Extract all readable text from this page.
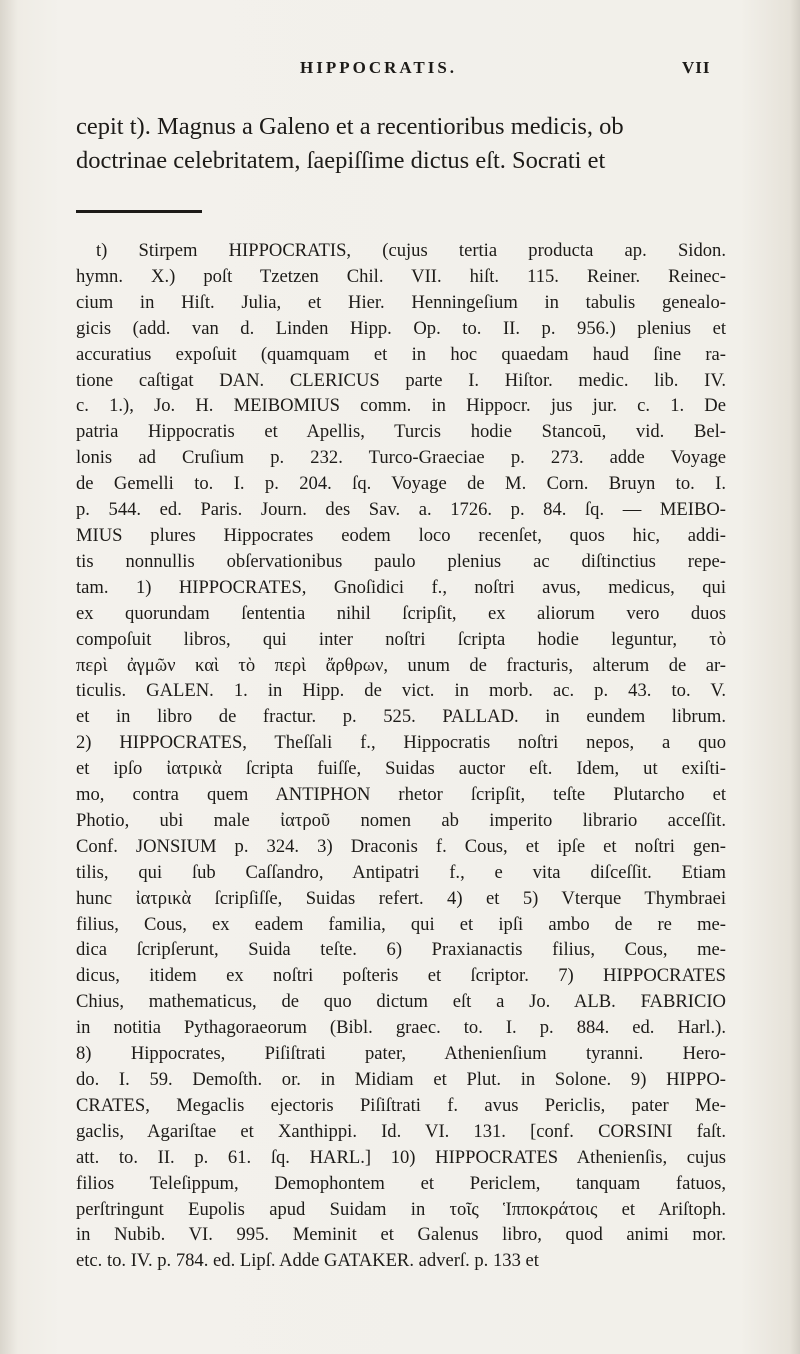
HIPPOCRATIS.	VII
cepit t). Magnus a Galeno et a recentioribus medicis, ob
doctrinae celebritatem, ſaepiſſime dictus eſt. Socrati et
t) Stirpem HIPPOCRATIS, (cujus tertia producta ap. Sidon.
hymn. X.) poſt Tzetzen Chil. VII. hiſt. 115. Reiner. Reinec-
cium in Hiſt. Julia, et Hier. Henningeſium in tabulis genealo-
gicis (add. van d. Linden Hipp. Op. to. II. p. 956.) plenius et
accuratius expoſuit (quamquam et in hoc quaedam haud ſine ra-
tione caſtigat DAN. CLERICUS parte I. Hiſtor. medic. lib. IV.
c. 1.), Jo. H. MEIBOMIUS comm. in Hippocr. jus jur. c. 1. De
patria Hippocratis et Apellis, Turcis hodie Stancoū, vid. Bel-
lonis ad Cruſium p. 232. Turco-Graeciae p. 273. adde Voyage
de Gemelli to. I. p. 204. ſq. Voyage de M. Corn. Bruyn to. I.
p. 544. ed. Paris. Journ. des Sav. a. 1726. p. 84. ſq. — MEIBO-
MIUS plures Hippocrates eodem loco recenſet, quos hic, addi-
tis nonnullis obſervationibus paulo plenius ac diſtinctius repe-
tam. 1) HIPPOCRATES, Gnoſidici f., noſtri avus, medicus, qui
ex quorundam ſententia nihil ſcripſit, ex aliorum vero duos
compoſuit libros, qui inter noſtri ſcripta hodie leguntur, τὸ
περὶ ἀγμῶν καὶ τὸ περὶ ἄρθρων, unum de fracturis, alterum de ar-
ticulis. GALEN. 1. in Hipp. de vict. in morb. ac. p. 43. to. V.
et in libro de fractur. p. 525. PALLAD. in eundem librum.
2) HIPPOCRATES, Theſſali f., Hippocratis noſtri nepos, a quo
et ipſo ἰατρικὰ ſcripta fuiſſe, Suidas auctor eſt. Idem, ut exiſti-
mo, contra quem ANTIPHON rhetor ſcripſit, teſte Plutarcho et
Photio, ubi male ἰατροῦ nomen ab imperito librario acceſſit.
Conf. JONSIUM p. 324. 3) Draconis f. Cous, et ipſe et noſtri gen-
tilis, qui ſub Caſſandro, Antipatri f., e vita diſceſſit. Etiam
hunc ἰατρικὰ ſcripſiſſe, Suidas refert. 4) et 5) Vterque Thymbraei
filius, Cous, ex eadem familia, qui et ipſi ambo de re me-
dica ſcripſerunt, Suida teſte. 6) Praxianactis filius, Cous, me-
dicus, itidem ex noſtri poſteris et ſcriptor. 7) HIPPOCRATES
Chius, mathematicus, de quo dictum eſt a Jo. ALB. FABRICIO
in notitia Pythagoraeorum (Bibl. graec. to. I. p. 884. ed. Harl.).
8) Hippocrates, Piſiſtrati pater, Athenienſium tyranni. Hero-
do. I. 59. Demoſth. or. in Midiam et Plut. in Solone. 9) HIPPO-
CRATES, Megaclis ejectoris Piſiſtrati f. avus Periclis, pater Me-
gaclis, Agariſtae et Xanthippi. Id. VI. 131. [conf. CORSINI faſt.
att. to. II. p. 61. ſq. HARL.] 10) HIPPOCRATES Athenienſis, cujus
filios Teleſippum, Demophontem et Periclem, tanquam fatuos,
perſtringunt Eupolis apud Suidam in τοῖς Ἱπποκράτοις et Ariſtoph.
in Nubib. VI. 995. Meminit et Galenus libro, quod animi mor.
etc. to. IV. p. 784. ed. Lipſ. Adde GATAKER. adverſ. p. 133 et
